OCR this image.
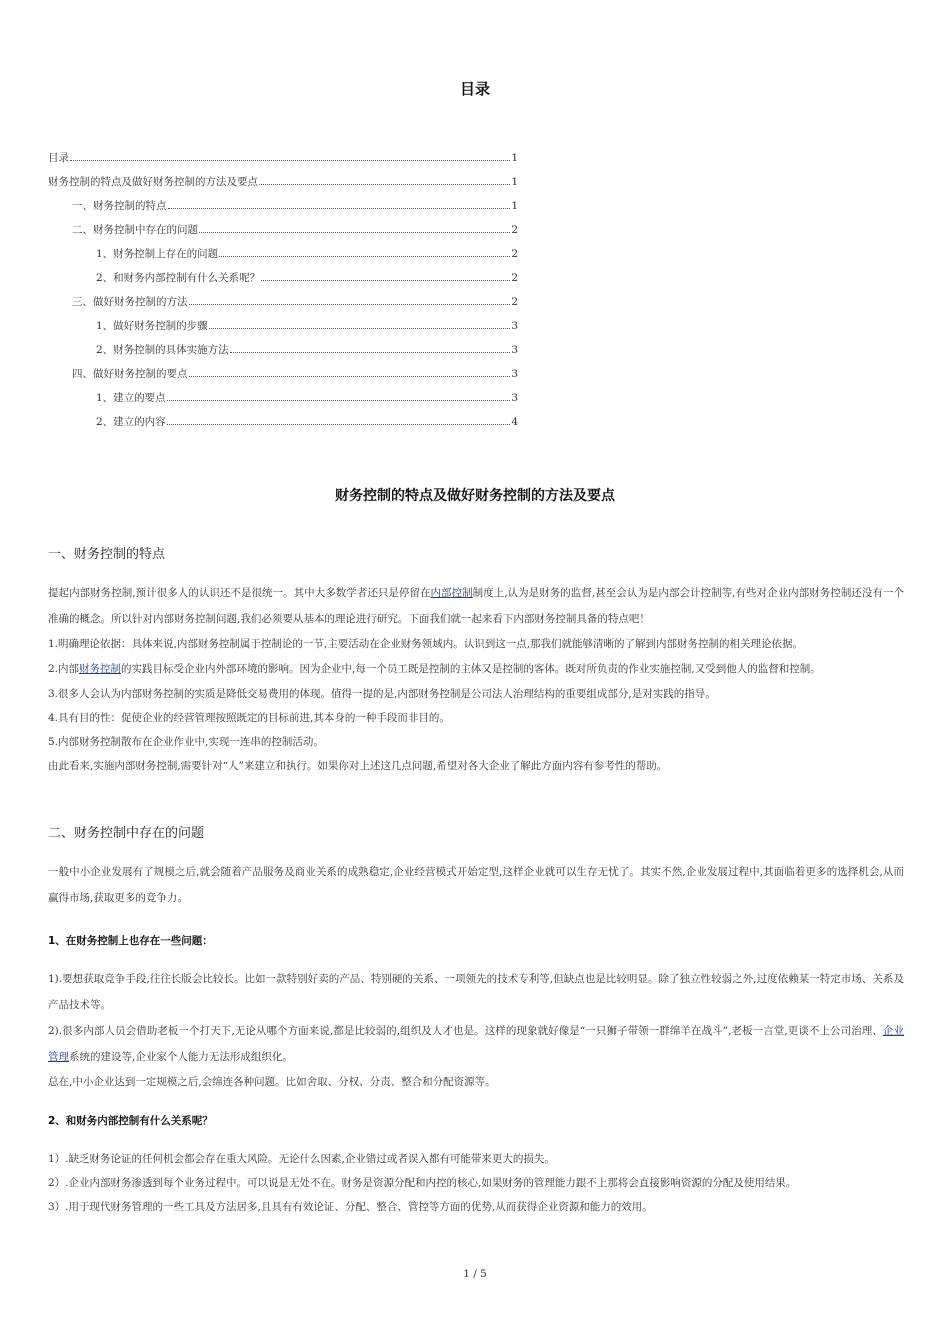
目录
目录	1
财务控制的特点及做好财务控制的方法及要点	1
一、财务控制的特点	1
二、财务控制中存在的问题	2
1、财务控制上存在的问题	2
2、和财务内部控制有什么关系呢？	2
三、做好财务控制的方法	2
1、做好财务控制的步骤	3
2、财务控制的具体实施方法	3
四、做好财务控制的要点	3
1、建立的要点	3
2、建立的内容	4
财务控制的特点及做好财务控制的方法及要点
一、财务控制的特点

提起内部财务控制,预计很多人的认识还不是很统一。其中大多数学者还只是停留在内部控制制度上,认为是财务的监督,甚至会认为是内部会计控制等,有些对企业内部财务控制还没有一个准确的概念。所以针对内部财务控制问题,我们必须要从基本的理论进行研究。下面我们就一起来看下内部财务控制具备的特点吧！

1.明确理论依据：具体来说,内部财务控制属于控制论的一节,主要活动在企业财务领域内。认识到这一点,那我们就能够清晰的了解到内部财务控制的相关理论依据。

2.内部财务控制的实践目标受企业内外部环境的影响。因为企业中,每一个员工既是控制的主体又是控制的客体。既对所负责的作业实施控制,又受到他人的监督和控制。

3.很多人会认为内部财务控制的实质是降低交易费用的体现。值得一提的是,内部财务控制是公司法人治理结构的重要组成部分,是对实践的指导。

4.具有目的性：促使企业的经营管理按照既定的目标前进,其本身的一种手段而非目的。

5.内部财务控制散布在企业作业中,实现一连串的控制活动。

由此看来,实施内部财务控制,需要针对“人”来建立和执行。如果你对上述这几点问题,希望对各大企业了解此方面内容有参考性的帮助。

二、财务控制中存在的问题

一般中小企业发展有了规模之后,就会随着产品服务及商业关系的成熟稳定,企业经营模式开始定型,这样企业就可以生存无忧了。其实不然,企业发展过程中,其面临着更多的选择机会,从而赢得市场,获取更多的竞争力。

1、在财务控制上也存在一些问题：

1).要想获取竞争手段,往往长版会比较长。比如一款特别好卖的产品、特别硬的关系、一项领先的技术专利等,但缺点也是比较明显。除了独立性较弱之外,过度依赖某一特定市场、关系及产品技术等。

2).很多内部人员会借助老板一个打天下,无论从哪个方面来说,都是比较弱的,组织及人才也是。这样的现象就好像是“一只狮子带领一群绵羊在战斗”,老板一言堂,更谈不上公司治理、企业管理系统的建设等,企业家个人能力无法形成组织化。

总在,中小企业达到一定规模之后,会绵连各种问题。比如舍取、分权、分责、整合和分配资源等。

2、和财务内部控制有什么关系呢？

1）.缺乏财务论证的任何机会都会存在重大风险。无论什么因素,企业错过或者误入都有可能带来更大的损失。

2）.企业内部财务渗透到每个业务过程中。可以说是无处不在。财务是资源分配和内控的核心,如果财务的管理能力跟不上那将会直接影响资源的分配及使用结果。

3）.用于现代财务管理的一些工具及方法居多,且具有有效论证、分配、整合、管控等方面的优势,从而获得企业资源和能力的效用。

1 / 5
